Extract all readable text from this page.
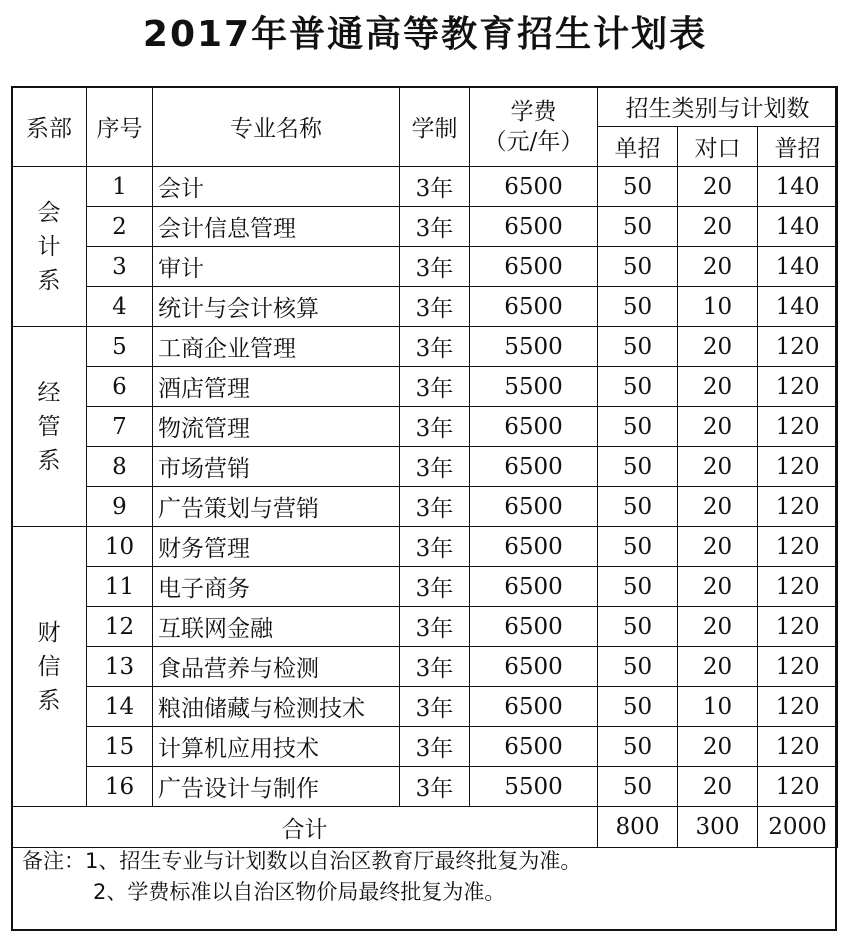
2017年普通高等教育招生计划表
系部	序号	专业名称	学制	学费
（元/年）	招生类别与计划数		
					单招	对口	普招

会
计
系	1	会计	3年	6500	50	20	140
	2	会计信息管理	3年	6500	50	20	140
	3	审计	3年	6500	50	20	140
	4	统计与会计核算	3年	6500	50	10	140

经
管
系	5	工商企业管理	3年	5500	50	20	120
	6	酒店管理	3年	5500	50	20	120
	7	物流管理	3年	6500	50	20	120
	8	市场营销	3年	6500	50	20	120
	9	广告策划与营销	3年	6500	50	20	120

财
信
系	10	财务管理	3年	6500	50	20	120
	11	电子商务	3年	6500	50	20	120
	12	互联网金融	3年	6500	50	20	120
	13	食品营养与检测	3年	6500	50	20	120
	14	粮油储藏与检测技术	3年	6500	50	10	120
	15	计算机应用技术	3年	6500	50	20	120
	16	广告设计与制作	3年	5500	50	20	120
合计					800	300	2000
备注：1、招生专业与计划数以自治区教育厅最终批复为准。
2、学费标准以自治区物价局最终批复为准。
